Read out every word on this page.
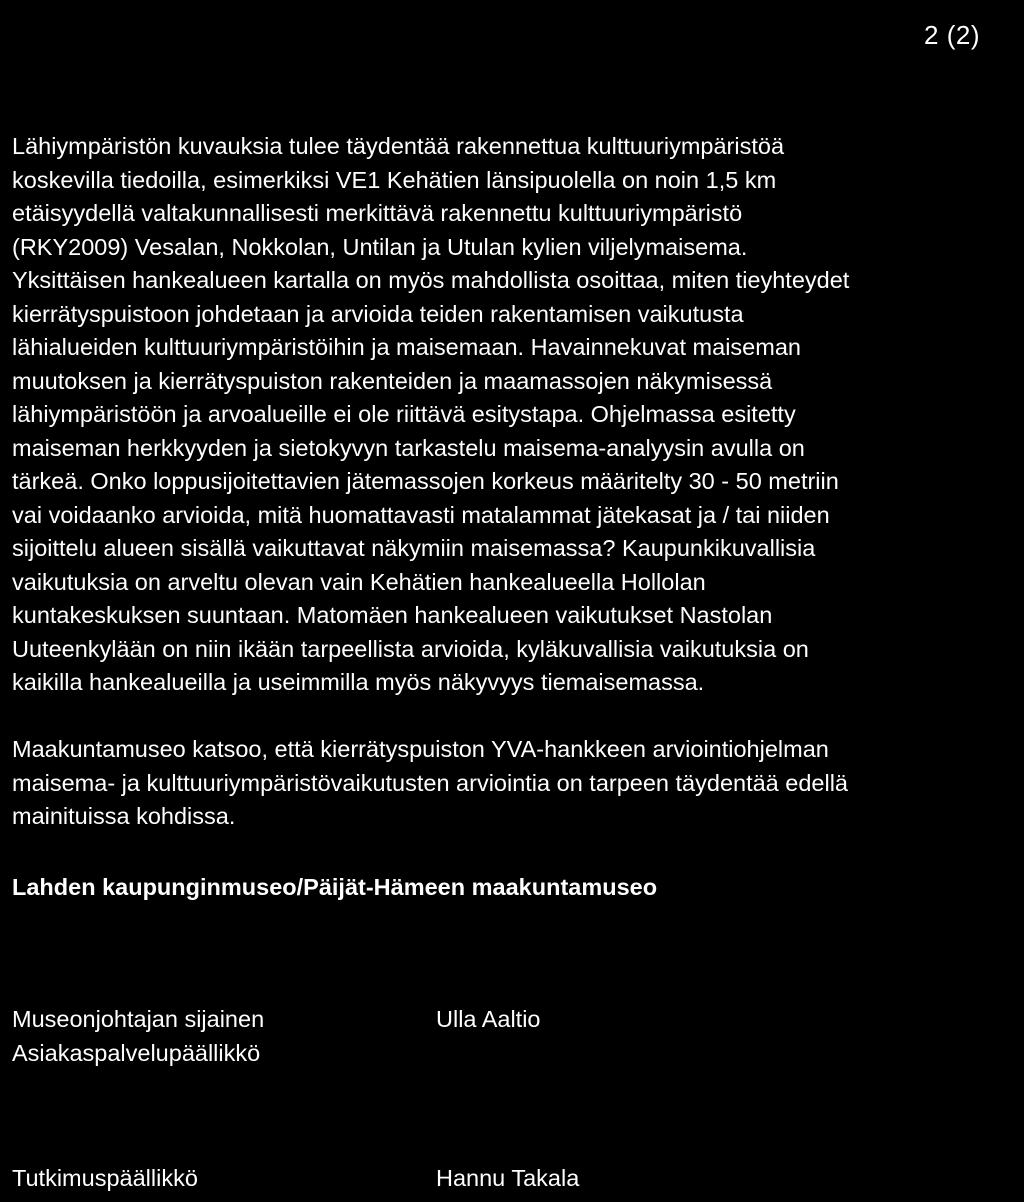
2 (2)

Lähiympäristön kuvauksia tulee täydentää rakennettua kulttuuriympäristöä
koskevilla tiedoilla, esimerkiksi VE1 Kehätien länsipuolella on noin 1,5 km
etäisyydellä valtakunnallisesti merkittävä rakennettu kulttuuriympäristö
(RKY2009) Vesalan, Nokkolan, Untilan ja Utulan kylien viljelymaisema.
Yksittäisen hankealueen kartalla on myös mahdollista osoittaa, miten tieyhteydet
kierrätyspuistoon johdetaan ja arvioida teiden rakentamisen vaikutusta
lähialueiden kulttuuriympäristöihin ja maisemaan. Havainnekuvat maiseman
muutoksen ja kierrätyspuiston rakenteiden ja maamassojen näkymisessä
lähiympäristöön ja arvoalueille ei ole riittävä esitystapa. Ohjelmassa esitetty
maiseman herkkyyden ja sietokyvyn tarkastelu maisema-analyysin avulla on
tärkeä. Onko loppusijoitettavien jätemassojen korkeus määritelty 30 - 50 metriin
vai voidaanko arvioida, mitä huomattavasti matalammat jätekasat ja / tai niiden
sijoittelu alueen sisällä vaikuttavat näkymiin maisemassa? Kaupunkikuvallisia
vaikutuksia on arveltu olevan vain Kehätien hankealueella Hollolan
kuntakeskuksen suuntaan. Matomäen hankealueen vaikutukset Nastolan
Uuteenkylään on niin ikään tarpeellista arvioida, kyläkuvallisia vaikutuksia on
kaikilla hankealueilla ja useimmilla myös näkyvyys tiemaisemassa.

Maakuntamuseo katsoo, että kierrätyspuiston YVA-hankkeen arviointiohjelman
maisema- ja kulttuuriympäristövaikutusten arviointia on tarpeen täydentää edellä
mainituissa kohdissa.

Lahden kaupunginmuseo/Päijät-Hämeen maakuntamuseo

Museonjohtajan sijainen
Asiakaspalvelupäällikkö
Ulla Aaltio
Tutkimuspäällikkö	Hannu Takala
